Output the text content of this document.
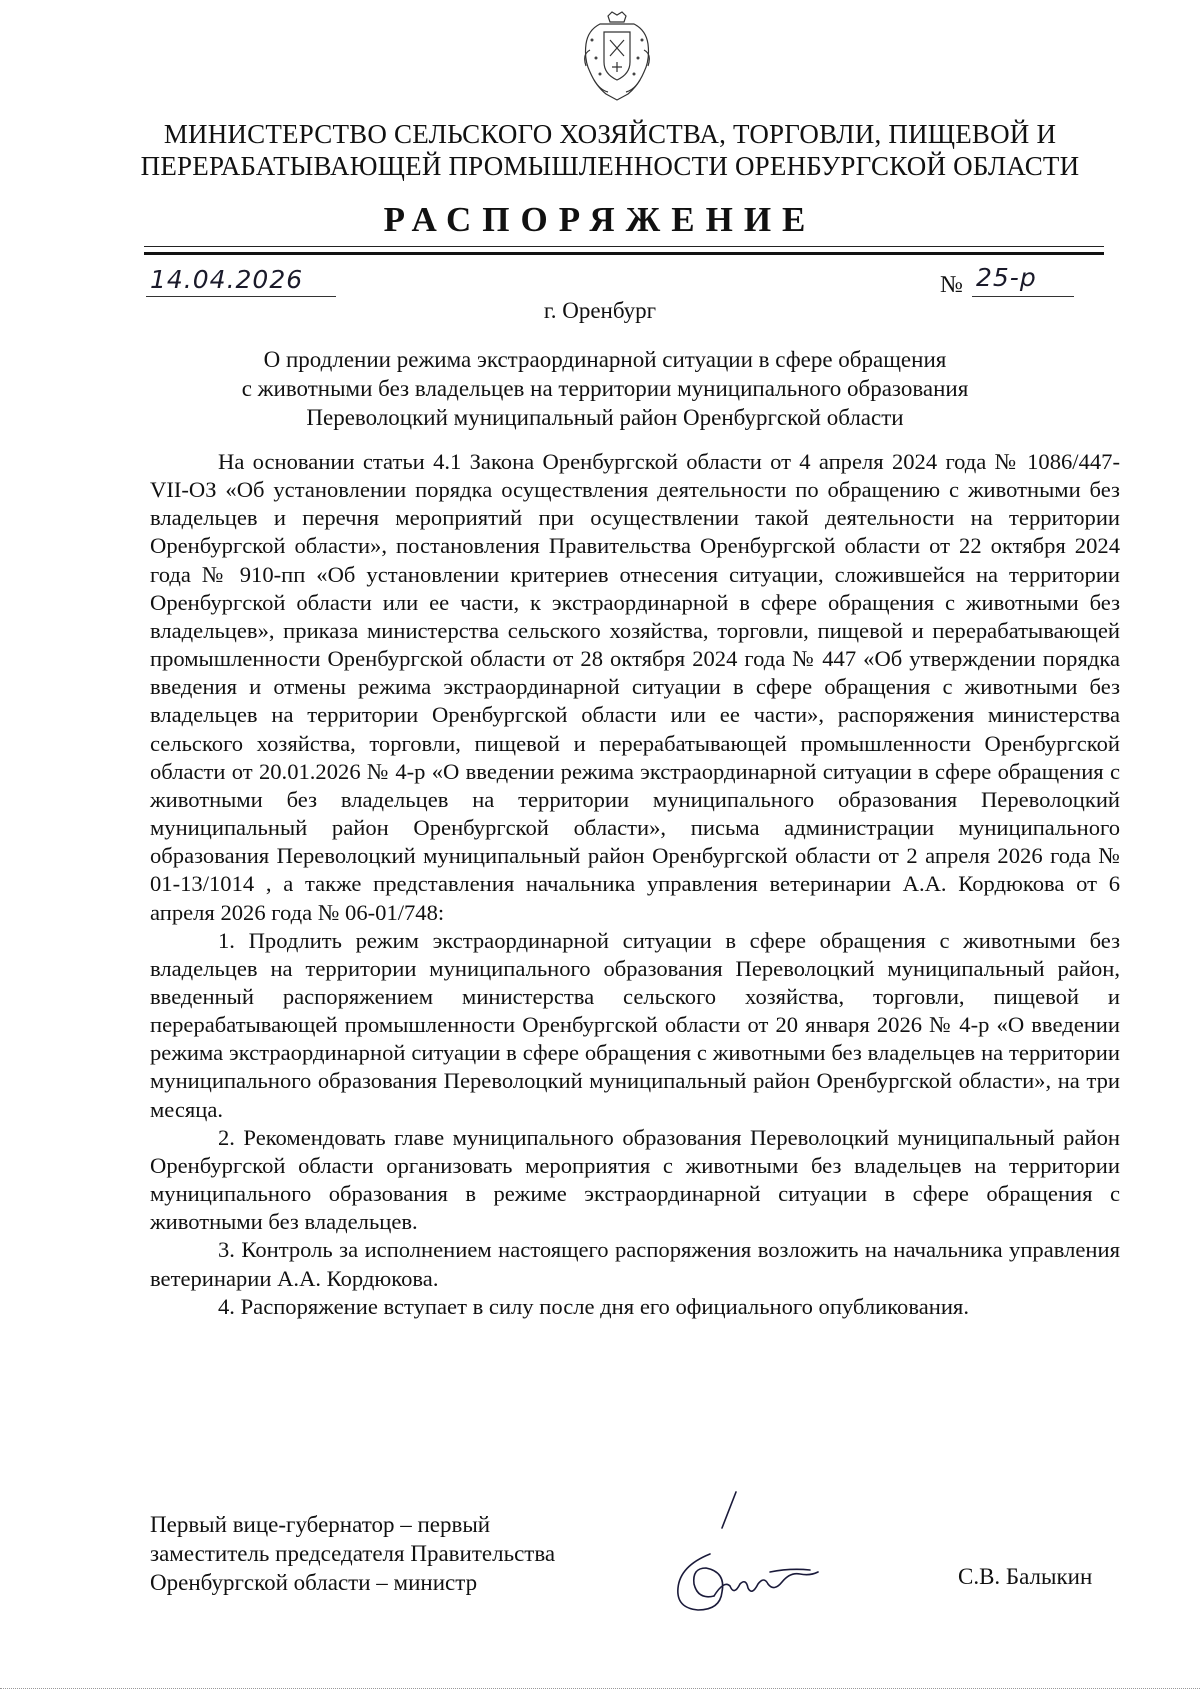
МИНИСТЕРСТВО СЕЛЬСКОГО ХОЗЯЙСТВА, ТОРГОВЛИ, ПИЩЕВОЙ И
ПЕРЕРАБАТЫВАЮЩЕЙ ПРОМЫШЛЕННОСТИ ОРЕНБУРГСКОЙ ОБЛАСТИ
РАСПОРЯЖЕНИЕ
14.04.2026	№ 25-р
г. Оренбург
О продлении режима экстраординарной ситуации в сфере обращения
с животными без владельцев на территории муниципального образования
Переволоцкий муниципальный район Оренбургской области

На основании статьи 4.1 Закона Оренбургской области от 4 апреля 2024 года № 1086/447-VII-ОЗ «Об установлении порядка осуществления деятельности по обращению с животными без владельцев и перечня мероприятий при осуществлении такой деятельности на территории Оренбургской области», постановления Правительства Оренбургской области от 22 октября 2024 года № 910-пп «Об установлении критериев отнесения ситуации, сложившейся на территории Оренбургской области или ее части, к экстраординарной в сфере обращения с животными без владельцев», приказа министерства сельского хозяйства, торговли, пищевой и перерабатывающей промышленности Оренбургской области от 28 октября 2024 года № 447 «Об утверждении порядка введения и отмены режима экстраординарной ситуации в сфере обращения с животными без владельцев на территории Оренбургской области или ее части», распоряжения министерства сельского хозяйства, торговли, пищевой и перерабатывающей промышленности Оренбургской области от 20.01.2026 № 4-р «О введении режима экстраординарной ситуации в сфере обращения с животными без владельцев на территории муниципального образования Переволоцкий муниципальный район Оренбургской области», письма администрации муниципального образования Переволоцкий муниципальный район Оренбургской области от 2 апреля 2026 года № 01-13/1014 , а также представления начальника управления ветеринарии А.А. Кордюкова от 6 апреля 2026 года № 06-01/748:

1. Продлить режим экстраординарной ситуации в сфере обращения с животными без владельцев на территории муниципального образования Переволоцкий муниципальный район, введенный распоряжением министерства сельского хозяйства, торговли, пищевой и перерабатывающей промышленности Оренбургской области от 20 января 2026 № 4-р «О введении режима экстраординарной ситуации в сфере обращения с животными без владельцев на территории муниципального образования Переволоцкий муниципальный район Оренбургской области», на три месяца.

2. Рекомендовать главе муниципального образования Переволоцкий муниципальный район Оренбургской области организовать мероприятия с животными без владельцев на территории муниципального образования в режиме экстраординарной ситуации в сфере обращения с животными без владельцев.

3. Контроль за исполнением настоящего распоряжения возложить на начальника управления ветеринарии А.А. Кордюкова.

4. Распоряжение вступает в силу после дня его официального опубликования.

Первый вице-губернатор – первый
заместитель председателя Правительства
Оренбургской области – министр	С.В. Балыкин
